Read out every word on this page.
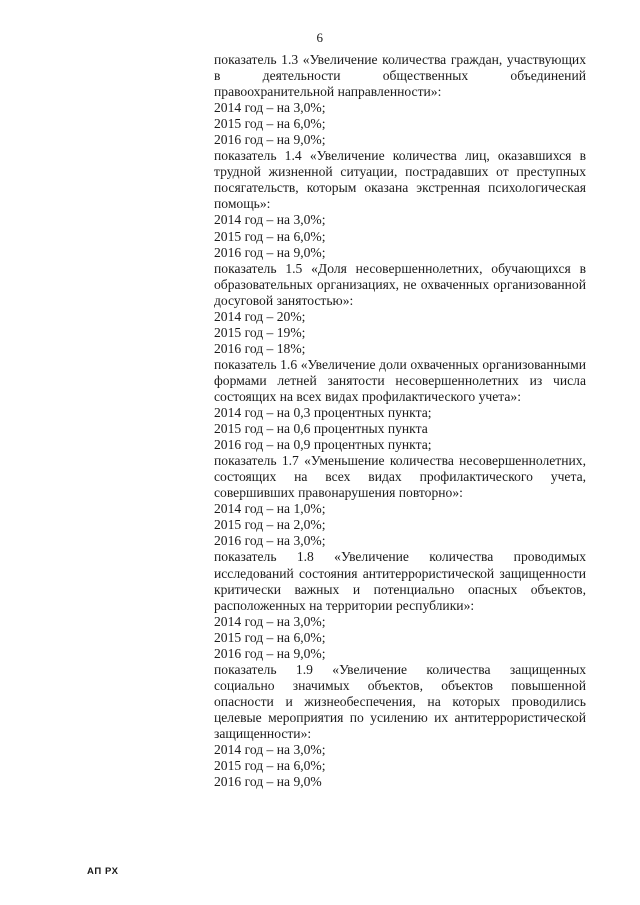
6

показатель 1.3 «Увеличение количества граждан, участвующих в деятельности общественных объединений правоохранительной направленности»:

2014 год – на 3,0%;

2015 год – на 6,0%;

2016 год – на 9,0%;

показатель 1.4 «Увеличение количества лиц, оказавшихся в трудной жизненной ситуации, пострадавших от преступных посягательств, которым оказана экстренная психологическая помощь»:

2014 год – на 3,0%;

2015 год – на 6,0%;

2016 год – на 9,0%;

показатель 1.5 «Доля несовершеннолетних, обучающихся в образовательных организациях, не охваченных организованной досуговой занятостью»:

2014 год – 20%;

2015 год – 19%;

2016 год – 18%;

показатель 1.6 «Увеличение доли охваченных организованными формами летней занятости несовершеннолетних из числа состоящих на всех видах профилактического учета»:

2014 год – на 0,3 процентных пункта;

2015 год – на 0,6 процентных пункта

2016 год – на 0,9 процентных пункта;

показатель 1.7 «Уменьшение количества несовершеннолетних, состоящих на всех видах профилактического учета, совершивших правонарушения повторно»:

2014 год – на 1,0%;

2015 год – на 2,0%;

2016 год – на 3,0%;

показатель 1.8 «Увеличение количества проводимых исследований состояния антитеррористической защищенности критически важных и потенциально опасных объектов, расположенных на территории республики»:

2014 год – на 3,0%;

2015 год – на 6,0%;

2016 год – на 9,0%;

показатель 1.9 «Увеличение количества защищенных социально значимых объектов, объектов повышенной опасности и жизнеобеспечения, на которых проводились целевые мероприятия по усилению их антитеррористической защищенности»:

2014 год – на 3,0%;

2015 год – на 6,0%;

2016 год – на 9,0%

АП РХ
